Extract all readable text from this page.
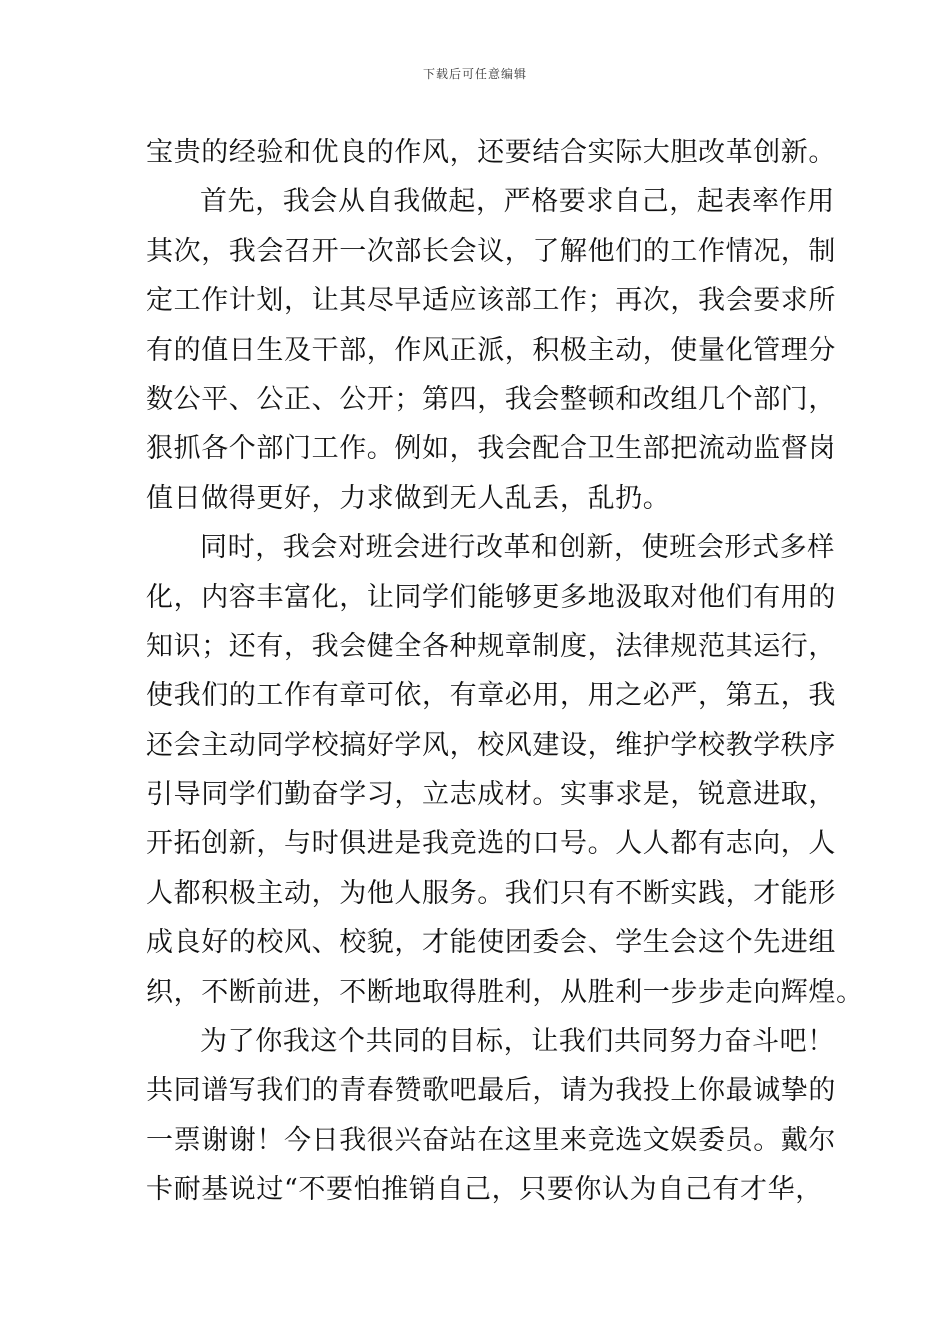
下载后可任意编辑
宝贵的经验和优良的作风，还要结合实际大胆改革创新。
首先，我会从自我做起，严格要求自己，起表率作用
其次，我会召开一次部长会议，了解他们的工作情况，制
定工作计划，让其尽早适应该部工作；再次，我会要求所
有的值日生及干部，作风正派，积极主动，使量化管理分
数公平、公正、公开；第四，我会整顿和改组几个部门，
狠抓各个部门工作。例如，我会配合卫生部把流动监督岗
值日做得更好，力求做到无人乱丢，乱扔。
同时，我会对班会进行改革和创新，使班会形式多样
化，内容丰富化，让同学们能够更多地汲取对他们有用的
知识；还有，我会健全各种规章制度，法律规范其运行，
使我们的工作有章可依，有章必用，用之必严，第五，我
还会主动同学校搞好学风，校风建设，维护学校教学秩序
引导同学们勤奋学习，立志成材。实事求是，锐意进取，
开拓创新，与时俱进是我竞选的口号。人人都有志向，人
人都积极主动，为他人服务。我们只有不断实践，才能形
成良好的校风、校貌，才能使团委会、学生会这个先进组
织，不断前进，不断地取得胜利，从胜利一步步走向辉煌。
为了你我这个共同的目标，让我们共同努力奋斗吧！
共同谱写我们的青春赞歌吧最后，请为我投上你最诚挚的
一票谢谢！今日我很兴奋站在这里来竞选文娱委员。戴尔
卡耐基说过“不要怕推销自己，只要你认为自己有才华，
